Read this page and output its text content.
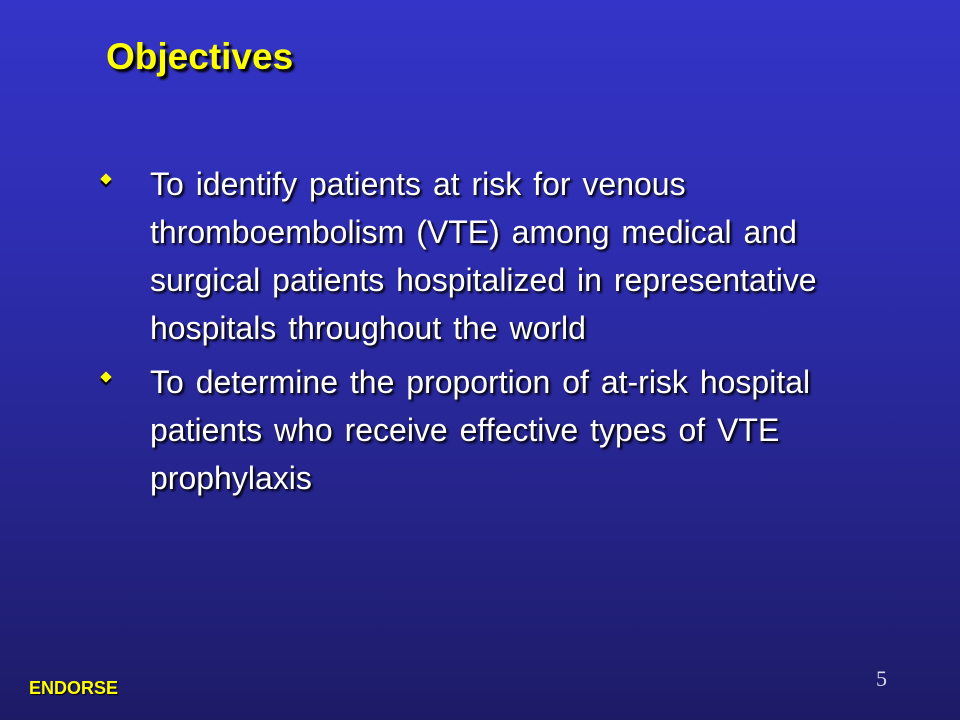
Objectives
To identify patients at risk for venous thromboembolism (VTE) among medical and surgical patients hospitalized in representative hospitals throughout the world
To determine the proportion of at-risk hospital patients who receive effective types of VTE prophylaxis
ENDORSE	5
